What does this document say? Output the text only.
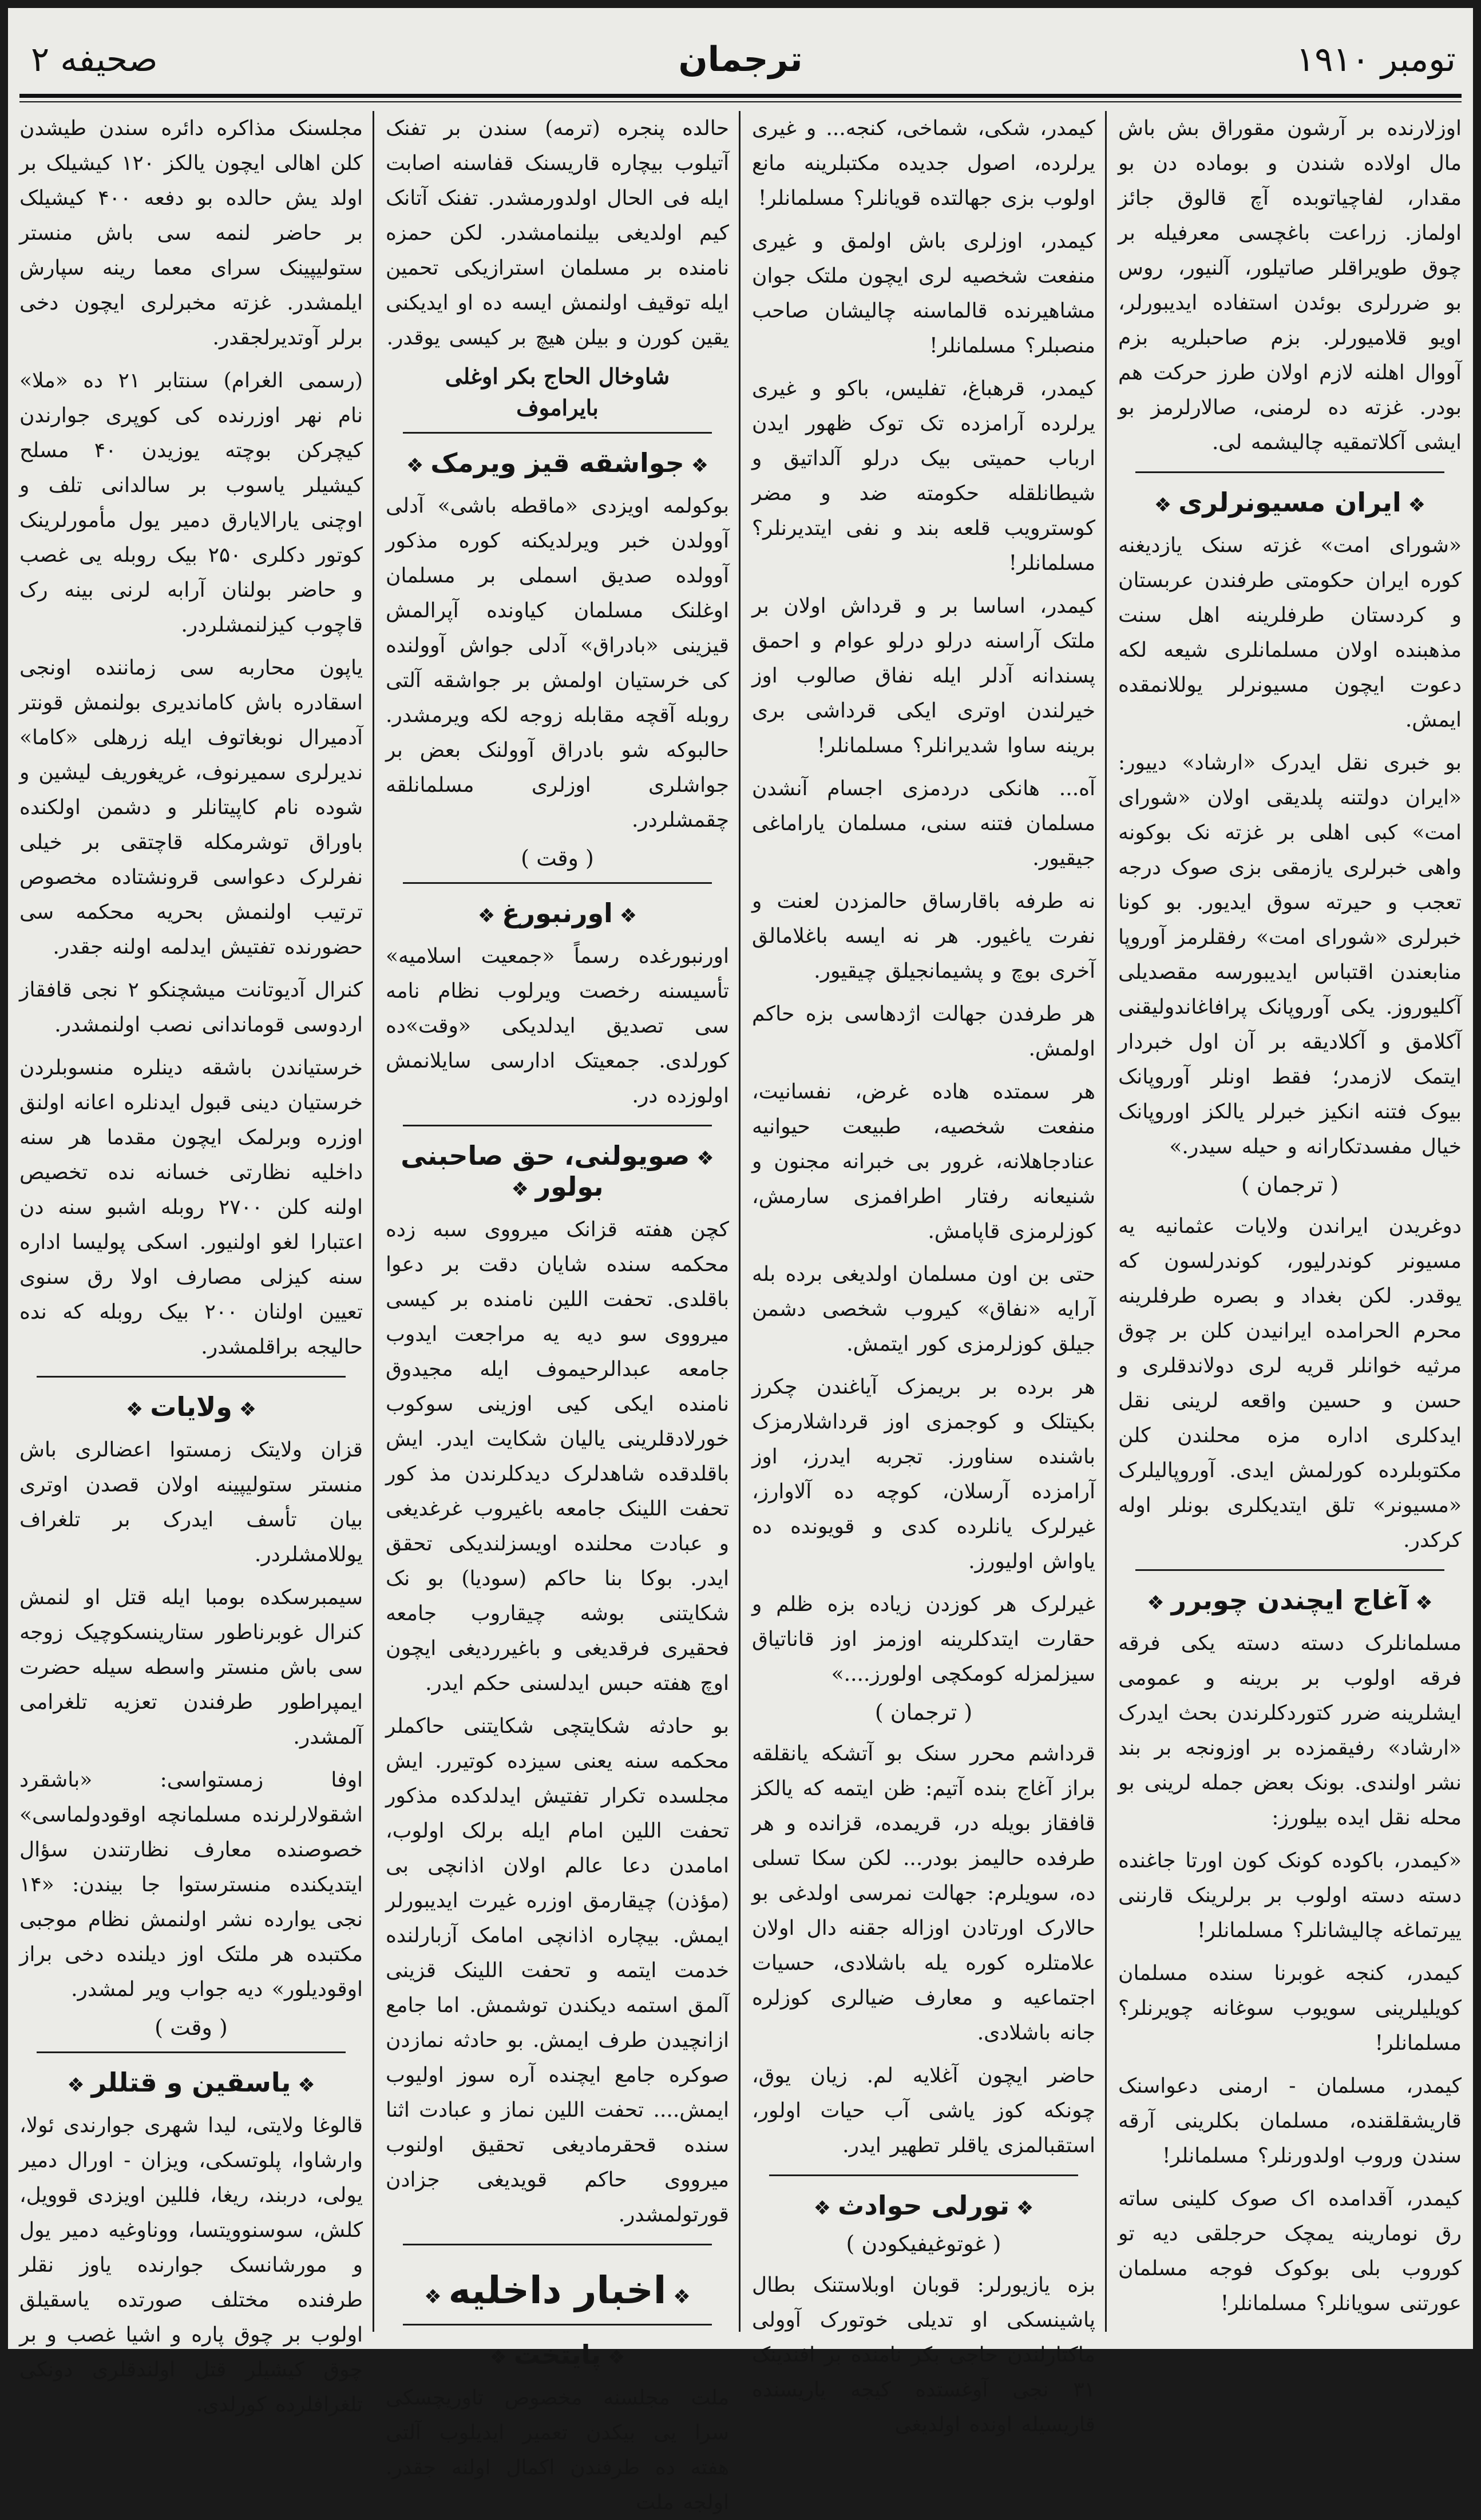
تومبر ۱۹۱۰
ترجمان
صحیفه ۲
اوزلارنده بر آرشون مقوراق بش باش مال اولاده شندن و بوماده دن بو مقدار، لفاچیاتوبده آچ قالوق جائز اولماز. زراعت باغچسی معرفیله بر چوق طویراقلر صاتیلور، آلنیور، روس بو ضررلری بوئدن استفاده ایدیبورلر، اویو قلامیورلر. بزم صاحبلریه بزم آووال اهلنه لازم اولان طرز حرکت هم بودر. غزته ده لرمنی، صالارلرمز بو ایشی آکلاتمقیه چالیشمه لی.
❖ ایران مسیونرلری ❖
«شورای امت» غزته سنک یازدیغنه کوره ایران حکومتی طرفندن عربستان و کردستان طرفلرینه اهل سنت مذهبنده اولان مسلمانلری شیعه لکه دعوت ایچون مسیونرلر یوللانمقده ایمش.
بو خبری نقل ایدرک «ارشاد» دییور: «ایران دولتنه پلدیقی اولان «شورای امت» کبی اهلی بر غزته نک بوکونه واهی خبرلری یازمقی بزی صوک درجه تعجب و حیرته سوق ایدیور. بو کونا خبرلری «شورای امت» رفقلرمز آوروپا منابعندن اقتباس ایدیبورسه مقصدیلی آکلیوروز. یکی آوروپانک پرافاغاندولیقنی آکلامق و آکلادیقه بر آن اول خبردار ایتمک لازمدر؛ فقط اونلر آوروپانک بیوک فتنه انکیز خبرلر یالکز اوروپانک خیال مفسدتکارانه و حیله سیدر.»
( ترجمان )
دوغریدن ایراندن ولایات عثمانیه یه مسیونر کوندرلیور، کوندرلسون که یوقدر. لکن بغداد و بصره طرفلرینه محرم الحرامده ایرانیدن کلن بر چوق مرثیه خوانلر قریه لری دولاندقلری و حسن و حسین واقعه لرینی نقل ایدکلری اداره مزه محلندن کلن مکتوبلرده کورلمش ایدی. آوروپالیلرک «مسیونر» تلق ایتدیکلری بونلر اوله کرکدر.
❖ آغاج ایچندن چوبرر ❖
مسلمانلرک دسته دسته یکی فرقه فرقه اولوب بر برینه و عمومی ایشلرینه ضرر کتوردکلرندن بحث ایدرک «ارشاد» رفیقمزده بر اوزونجه بر بند نشر اولندی. بونک بعض جمله لرینی بو محله نقل ایده بیلورز:
«کیمدر، باکوده کونک کون اورتا جاغنده دسته دسته اولوب بر برلرینک قارننی ییرتماغه چالیشانلر؟ مسلمانلر!
کیمدر، کنجه غوبرنا سنده مسلمان کویلیلرینی سویوب سوغانه چویرنلر؟ مسلمانلر!
کیمدر، مسلمان - ارمنی دعواسنک قاریشقلقنده، مسلمان بکلرینی آرقه سندن وروب اولدورنلر؟ مسلمانلر!
کیمدر، آقدامده اک صوک کلینی ساته رق نومارینه یمچک حرجلقی دیه تو کوروب بلی بوکوک فوجه مسلمان عورتنی سویانلر؟ مسلمانلر!
کیمدر، شکی، شماخی، کنجه... و غیری یرلرده، اصول جدیده مکتبلرینه مانع اولوب بزی جهالتده قویانلر؟ مسلمانلر!
کیمدر، اوزلری باش اولمق و غیری منفعت شخصیه لری ایچون ملتک جوان مشاهیرنده قالماسنه چالیشان صاحب منصبلر؟ مسلمانلر!
کیمدر، قرهباغ، تفلیس، باکو و غیری یرلرده آرامزده تک توک ظهور ایدن ارباب حمیتی بیک درلو آلداتیق و شیطانلقله حکومته ضد و مضر کوسترویب قلعه بند و نفی ایتدیرنلر؟ مسلمانلر!
کیمدر، اساسا بر و قرداش اولان بر ملتک آراسنه درلو درلو عوام و احمق پسندانه آدلر ایله نفاق صالوب اوز خیرلندن اوتری ایکی قرداشی بری برینه ساوا شدیرانلر؟ مسلمانلر!
آه... هانکی دردمزی اجسام آنشدن مسلمان فتنه سنی، مسلمان یاراماغی جیقیور.
نه طرفه باقارساق حالمزدن لعنت و نفرت یاغیور. هر نه ایسه باغلامالق آخری بوچ و پشیمانجیلق چیقیور.
هر طرفدن جهالت اژدهاسی بزه حاکم اولمش.
هر سمتده هاده غرض، نفسانیت، منفعت شخصیه، طبیعت حیوانیه عنادجاهلانه، غرور بی خبرانه مجنون و شنیعانه رفتار اطرافمزی سارمش، کوزلرمزی قاپامش.
حتی بن اون مسلمان اولدیغی برده بله آرایه «نفاق» کیروب شخصی دشمن جیلق کوزلرمزی کور ایتمش.
هر برده بر بریمزک آیاغندن چکرز بکیتلک و کوجمزی اوز قرداشلارمزک باشنده سناورز. تجربه ایدرز، اوز آرامزده آرسلان، کوچه ده آلاوارز، غیرلرک یانلرده کدی و قویونده ده یاواش اولیورز.
غیرلرک هر کوزدن زیاده بزه ظلم و حقارت ایتدکلرینه اوزمز اوز قاناتیاق سیزلمزله کومکچی اولورز....»
( ترجمان )
قرداشم محرر سنک بو آتشکه یانقلقه براز آغاج بنده آتیم: ظن ایتمه که یالکز قافقاز بویله در، قریمده، قزانده و هر طرفده حالیمز بودر... لکن سکا تسلی ده، سویلرم: جهالت نمرسی اولدغی بو حالارک اورتادن اوزاله جقنه دال اولان علامتلره کوره یله باشلادی، حسیات اجتماعیه و معارف ضیالری کوزلره جانه باشلادی.
حاضر ایچون آغلایه لم. زیان یوق، چونکه کوز یاشی آب حیات اولور، استقبالمزی یاقلر تطهیر ایدر.
❖ تورلی حوادث ❖
( غوتوغیفیکودن )
بزه یازیورلر: قوبان اوبلاستنک بطال پاشینسکی او تدیلی خوتورک آوولی ماکتارلندن حاجی بکر نامنده بر افندینک ۳۱ نجی آوغستده کیجه یاریسنده قاریسیله اونده اولدیغی
حالده پنجره (ترمه) سندن بر تفنک آتیلوب بیچاره قاریسنک قفاسنه اصابت ایله فی الحال اولدورمشدر. تفنک آتانک کیم اولدیغی بیلنمامشدر. لکن حمزه نامنده بر مسلمان استرازیکی تحمین ایله توقیف اولنمش ایسه ده او ایدیکنی یقین کورن و بیلن هیچ بر کیسی یوقدر.
شاوخال الحاج بکر اوغلی
بایراموف
❖ جواشقه قیز ویرمک ❖
بوکولمه اویزدی «ماقطه باشی» آدلی آوولدن خبر ویرلدیکنه کوره مذکور آوولده صدیق اسملی بر مسلمان اوغلنک مسلمان کیاونده آپرالمش قیزینی «بادراق» آدلی جواش آوولنده کی خرستیان اولمش بر جواشقه آلتی روبله آقچه مقابله زوجه لکه ویرمشدر. حالبوکه شو بادراق آوولنک بعض بر جواشلری اوزلری مسلمانلقه چقمشلردر.
( وقت )
❖ اورنبورغ ❖
اورنبورغده رسماً «جمعیت اسلامیه» تأسیسنه رخصت ویرلوب نظام نامه سی تصدیق ایدلدیکی «وقت»ده کورلدی. جمعیتک ادارسی سایلانمش اولوزده در.
❖ صویولنی، حق صاحبنی بولور ❖
کچن هفته قزانک میرووی سبه زده محکمه سنده شایان دقت بر دعوا باقلدی. تحفت اللین نامنده بر کیسی میرووی سو دیه یه مراجعت ایدوب جامعه عبدالرحیموف ایله مجیدوق نامنده ایکی کیی اوزینی سوکوب خورلادقلرینی یالیان شکایت ایدر. ایش باقلدقده شاهدلرک دیدکلرندن مذ کور تحفت اللینک جامعه باغیروب غرغدیغی و عبادت محلنده اویسزلندیکی تحقق ایدر. بوکا بنا حاکم (سودیا) بو نک شکایتنی بوشه چیقاروب جامعه فحقیری فرقدیغی و باغیرردیغی ایچون اوچ هفته حبس ایدلسنی حکم ایدر.
بو حادثه شکایتچی شکایتنی حاکملر محکمه سنه یعنی سیزده کوتیرر. ایش مجلسده تکرار تفتیش ایدلدکده مذکور تحفت اللین امام ایله برلک اولوب، امامدن دعا عالم اولان اذانچی بی (مؤذن) چیقارمق اوزره غیرت ایدیبورلر ایمش. بیچاره اذانچی امامک آزبارلنده خدمت ایتمه و تحفت اللینک قزینی آلمق استمه دیکندن توشمش. اما جامع ازانچیدن طرف ایمش. بو حادثه نمازدن صوکره جامع ایچنده آره سوز اولیوب ایمش.... تحفت اللین نماز و عبادت اثنا سنده قحقرمادیغی تحقیق اولنوب میرووی حاکم قویدیغی جزادن قورتولمشدر.
❖ اخبار داخلیه ❖
❖ پایتخت ❖
ملت مجلسنه مخصوص تاوریچسکی سرا یی بیکدن تعمیر ایدیلوب آلتی هفته ده طرفندن اکمال اولنه جقدر. اولجه ملت
مجلسنک مذاکره دائره سندن طیشدن کلن اهالی ایچون یالکز ۱۲۰ کیشیلک بر اولد یش حالده بو دفعه ۴۰۰ کیشیلک بر حاضر لنمه سی باش منستر ستولیپینک سرای معما رینه سپارش ایلمشدر. غزته مخبرلری ایچون دخی برلر آوتدیرلجقدر.
(رسمی الغرام) سنتابر ۲۱ ده «ملا» نام نهر اوزرنده کی کوپری جوارندن کیچرکن بوچته یوزیدن ۴۰ مسلح کیشیلر یاسوب بر سالدانی تلف و اوچنی یارالایارق دمیر یول مأمورلرینک کوتور دکلری ۲۵۰ بیک روبله یی غصب و حاضر بولنان آرابه لرنی بینه رک قاچوب کیزلنمشلردر.
یاپون محاربه سی زماننده اونجی اسقادره باش کاماندیری بولنمش قونتر آدمیرال نوبغاتوف ایله زرهلی «کاما» ندیرلری سمیرنوف، غریغوریف لیشین و شوده نام کاپیتانلر و دشمن اولکنده باوراق توشرمکله قاچتقی بر خیلی نفرلرک دعواسی قرونشتاده مخصوص ترتیب اولنمش بحریه محکمه سی حضورنده تفتیش ایدلمه اولنه جقدر.
کنرال آدیوتانت میشچنکو ۲ نجی قافقاز اردوسی قوماندانی نصب اولنمشدر.
خرستیاندن باشقه دینلره منسوبلردن خرستیان دینی قبول ایدنلره اعانه اولنق اوزره وبرلمک ایچون مقدما هر سنه داخلیه نظارتی خسانه نده تخصیص اولنه کلن ۲۷۰۰ روبله اشبو سنه دن اعتبارا لغو اولنیور. اسکی پولیسا اداره سنه کیزلی مصارف اولا رق سنوی تعیین اولنان ۲۰۰ بیک روبله که نده حالیجه براقلمشدر.
❖ ولایات ❖
قزان ولایتک زمستوا اعضالری باش منستر ستولیپینه اولان قصدن اوتری بیان تأسف ایدرک بر تلغراف یوللامشلردر.
سیمبرسکده بومبا ایله قتل او لنمش کنرال غوبرناطور ستارینسکوچیک زوجه سی باش منستر واسطه سیله حضرت ایمپراطور طرفندن تعزیه تلغرامی آلمشدر.
اوفا زمستواسی: «باشقرد اشقولارلرنده مسلمانچه اوقودولماسی» خصوصنده معارف نظارتندن سؤال ایتدیکنده منسترستوا جا بیندن: «۱۴ نجی یوارده نشر اولنمش نظام موجبی مکتبده هر ملتک اوز دیلنده دخی براز اوقودیلور» دیه جواب ویر لمشدر.
( وقت )
❖ یاسقین و قتللر ❖
قالوغا ولایتی، لیدا شهری جوارندی ئولا، وارشاوا، پلوتسکی، ویزان - اورال دمیر یولی، دربند، ریغا، فللین اویزدی قوویل، کلش، سوسنوویتسا، ووناوغیه دمیر یول و مورشانسک جوارنده یاوز نقلر طرفنده مختلف صورتده یاسقیلق اولوب بر چوق پاره و اشیا غصب و بر چوق کیشیلر قتل اولندقلری دونکی تلغرافلرده کورلدی.
